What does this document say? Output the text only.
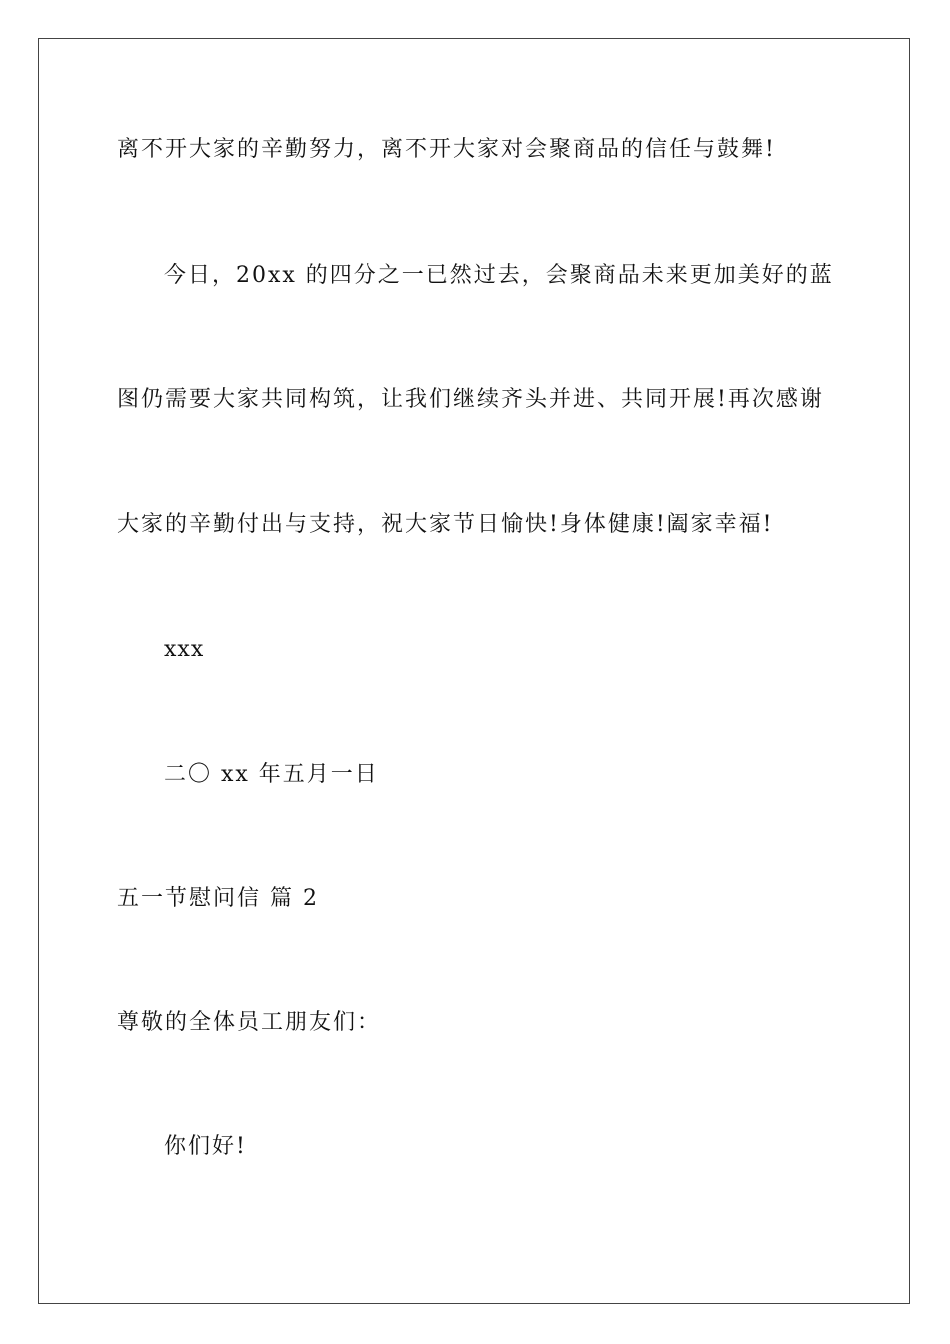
离不开大家的辛勤努力，离不开大家对会聚商品的信任与鼓舞!
今日，20xx 的四分之一已然过去，会聚商品未来更加美好的蓝
图仍需要大家共同构筑，让我们继续齐头并进、共同开展!再次感谢
大家的辛勤付出与支持，祝大家节日愉快!身体健康!阖家幸福!
xxx
二〇 xx 年五月一日
五一节慰问信 篇 2
尊敬的全体员工朋友们：
你们好!
